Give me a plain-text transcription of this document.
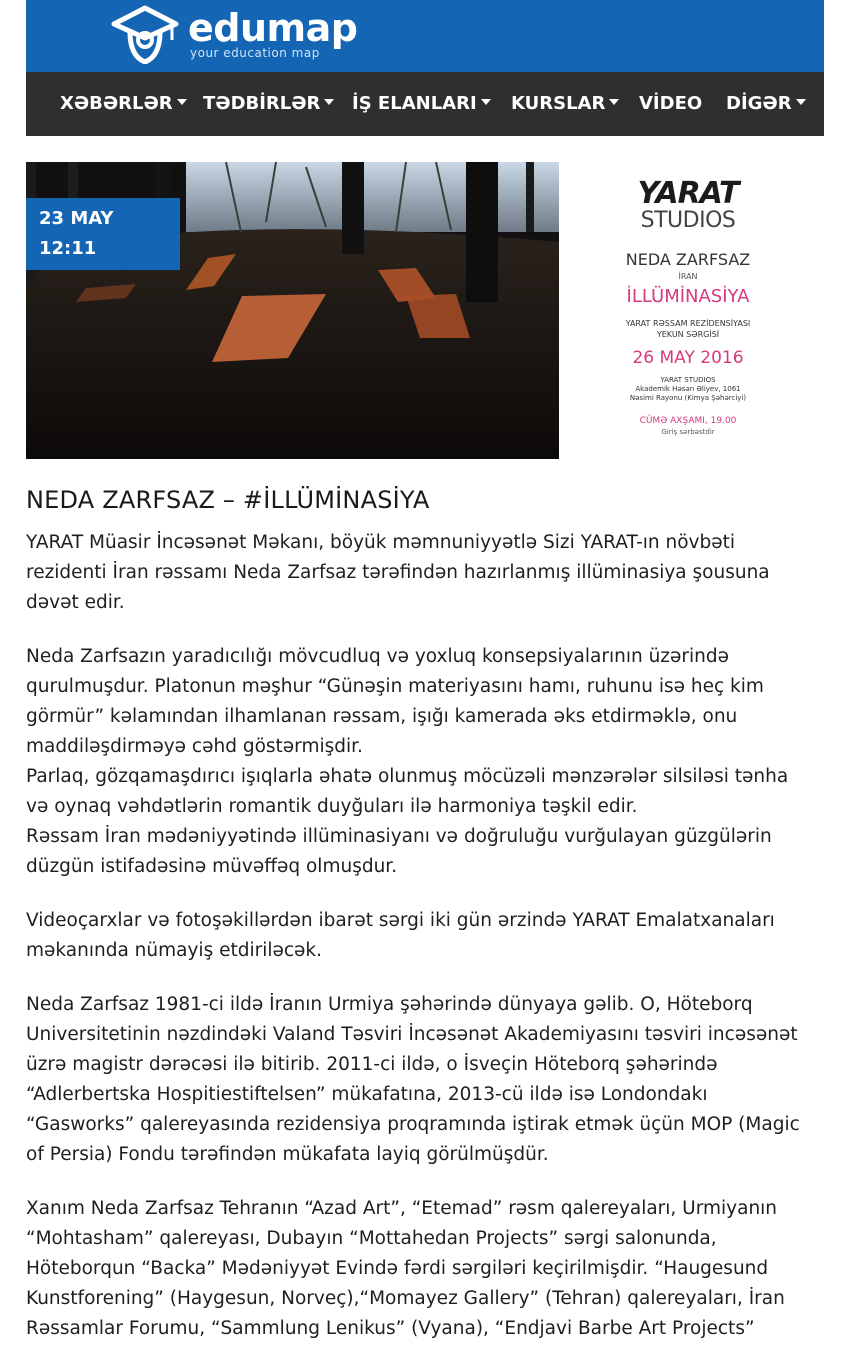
edumap
your education map
XƏBƏRLƏR	TƏDBİRLƏR	İŞ ELANLARI	KURSLAR	VİDEO DİGƏR
23 MAY
12:11
YARAT
STUDIOS
NEDA ZARFSAZ
İRAN
İLLÜMİNASİYA
YARAT RƏSSAM REZİDENSİYASI
YEKUN SƏRGİSİ
26 MAY 2016
YARAT STUDIOS
Akademik Həsən Əliyev, 1061
Nəsimi Rayonu (Kimya Şəhərciyi)
CÜMƏ AXŞAMI, 19.00
Giriş sərbəstdir
NEDA ZARFSAZ – #İLLÜMİNASİYA

YARAT Müasir İncəsənət Məkanı, böyük məmnuniyyətlə Sizi YARAT-ın növbəti
rezidenti İran rəssamı Neda Zarfsaz tərəfindən hazırlanmış illüminasiya şousuna
dəvət edir.

Neda Zarfsazın yaradıcılığı mövcudluq və yoxluq konsepsiyalarının üzərində
qurulmuşdur. Platonun məşhur “Günəşin materiyasını hamı, ruhunu isə heç kim
görmür” kəlamından ilhamlanan rəssam, işığı kamerada əks etdirməklə, onu
maddiləşdirməyə cəhd göstərmişdir.
Parlaq, gözqamaşdırıcı işıqlarla əhatə olunmuş möcüzəli mənzərələr silsiləsi tənha
və oynaq vəhdətlərin romantik duyğuları ilə harmoniya təşkil edir.
Rəssam İran mədəniyyətində illüminasiyanı və doğruluğu vurğulayan güzgülərin
düzgün istifadəsinə müvəffəq olmuşdur.

Videoçarxlar və fotoşəkillərdən ibarət sərgi iki gün ərzində YARAT Emalatxanaları
məkanında nümayiş etdiriləcək.

Neda Zarfsaz 1981-ci ildə İranın Urmiya şəhərində dünyaya gəlib. O, Höteborq
Universitetinin nəzdindəki Valand Təsviri İncəsənət Akademiyasını təsviri incəsənət
üzrə magistr dərəcəsi ilə bitirib. 2011-ci ildə, o İsveçin Höteborq şəhərində
“Adlerbertska Hospitiestiftelsen” mükafatına, 2013-cü ildə isə Londondakı
“Gasworks” qalereyasında rezidensiya proqramında iştirak etmək üçün MOP (Magic
of Persia) Fondu tərəfindən mükafata layiq görülmüşdür.

Xanım Neda Zarfsaz Tehranın “Azad Art”, “Etemad” rəsm qalereyaları, Urmiyanın
“Mohtasham” qalereyası, Dubayın “Mottahedan Projects” sərgi salonunda,
Höteborqun “Backa” Mədəniyyət Evində fərdi sərgiləri keçirilmişdir. “Haugesund
Kunstforening” (Haygesun, Norveç),“Momayez Gallery” (Tehran) qalereyaları, İran
Rəssamlar Forumu, “Sammlung Lenikus” (Vyana), “Endjavi Barbe Art Projects”
